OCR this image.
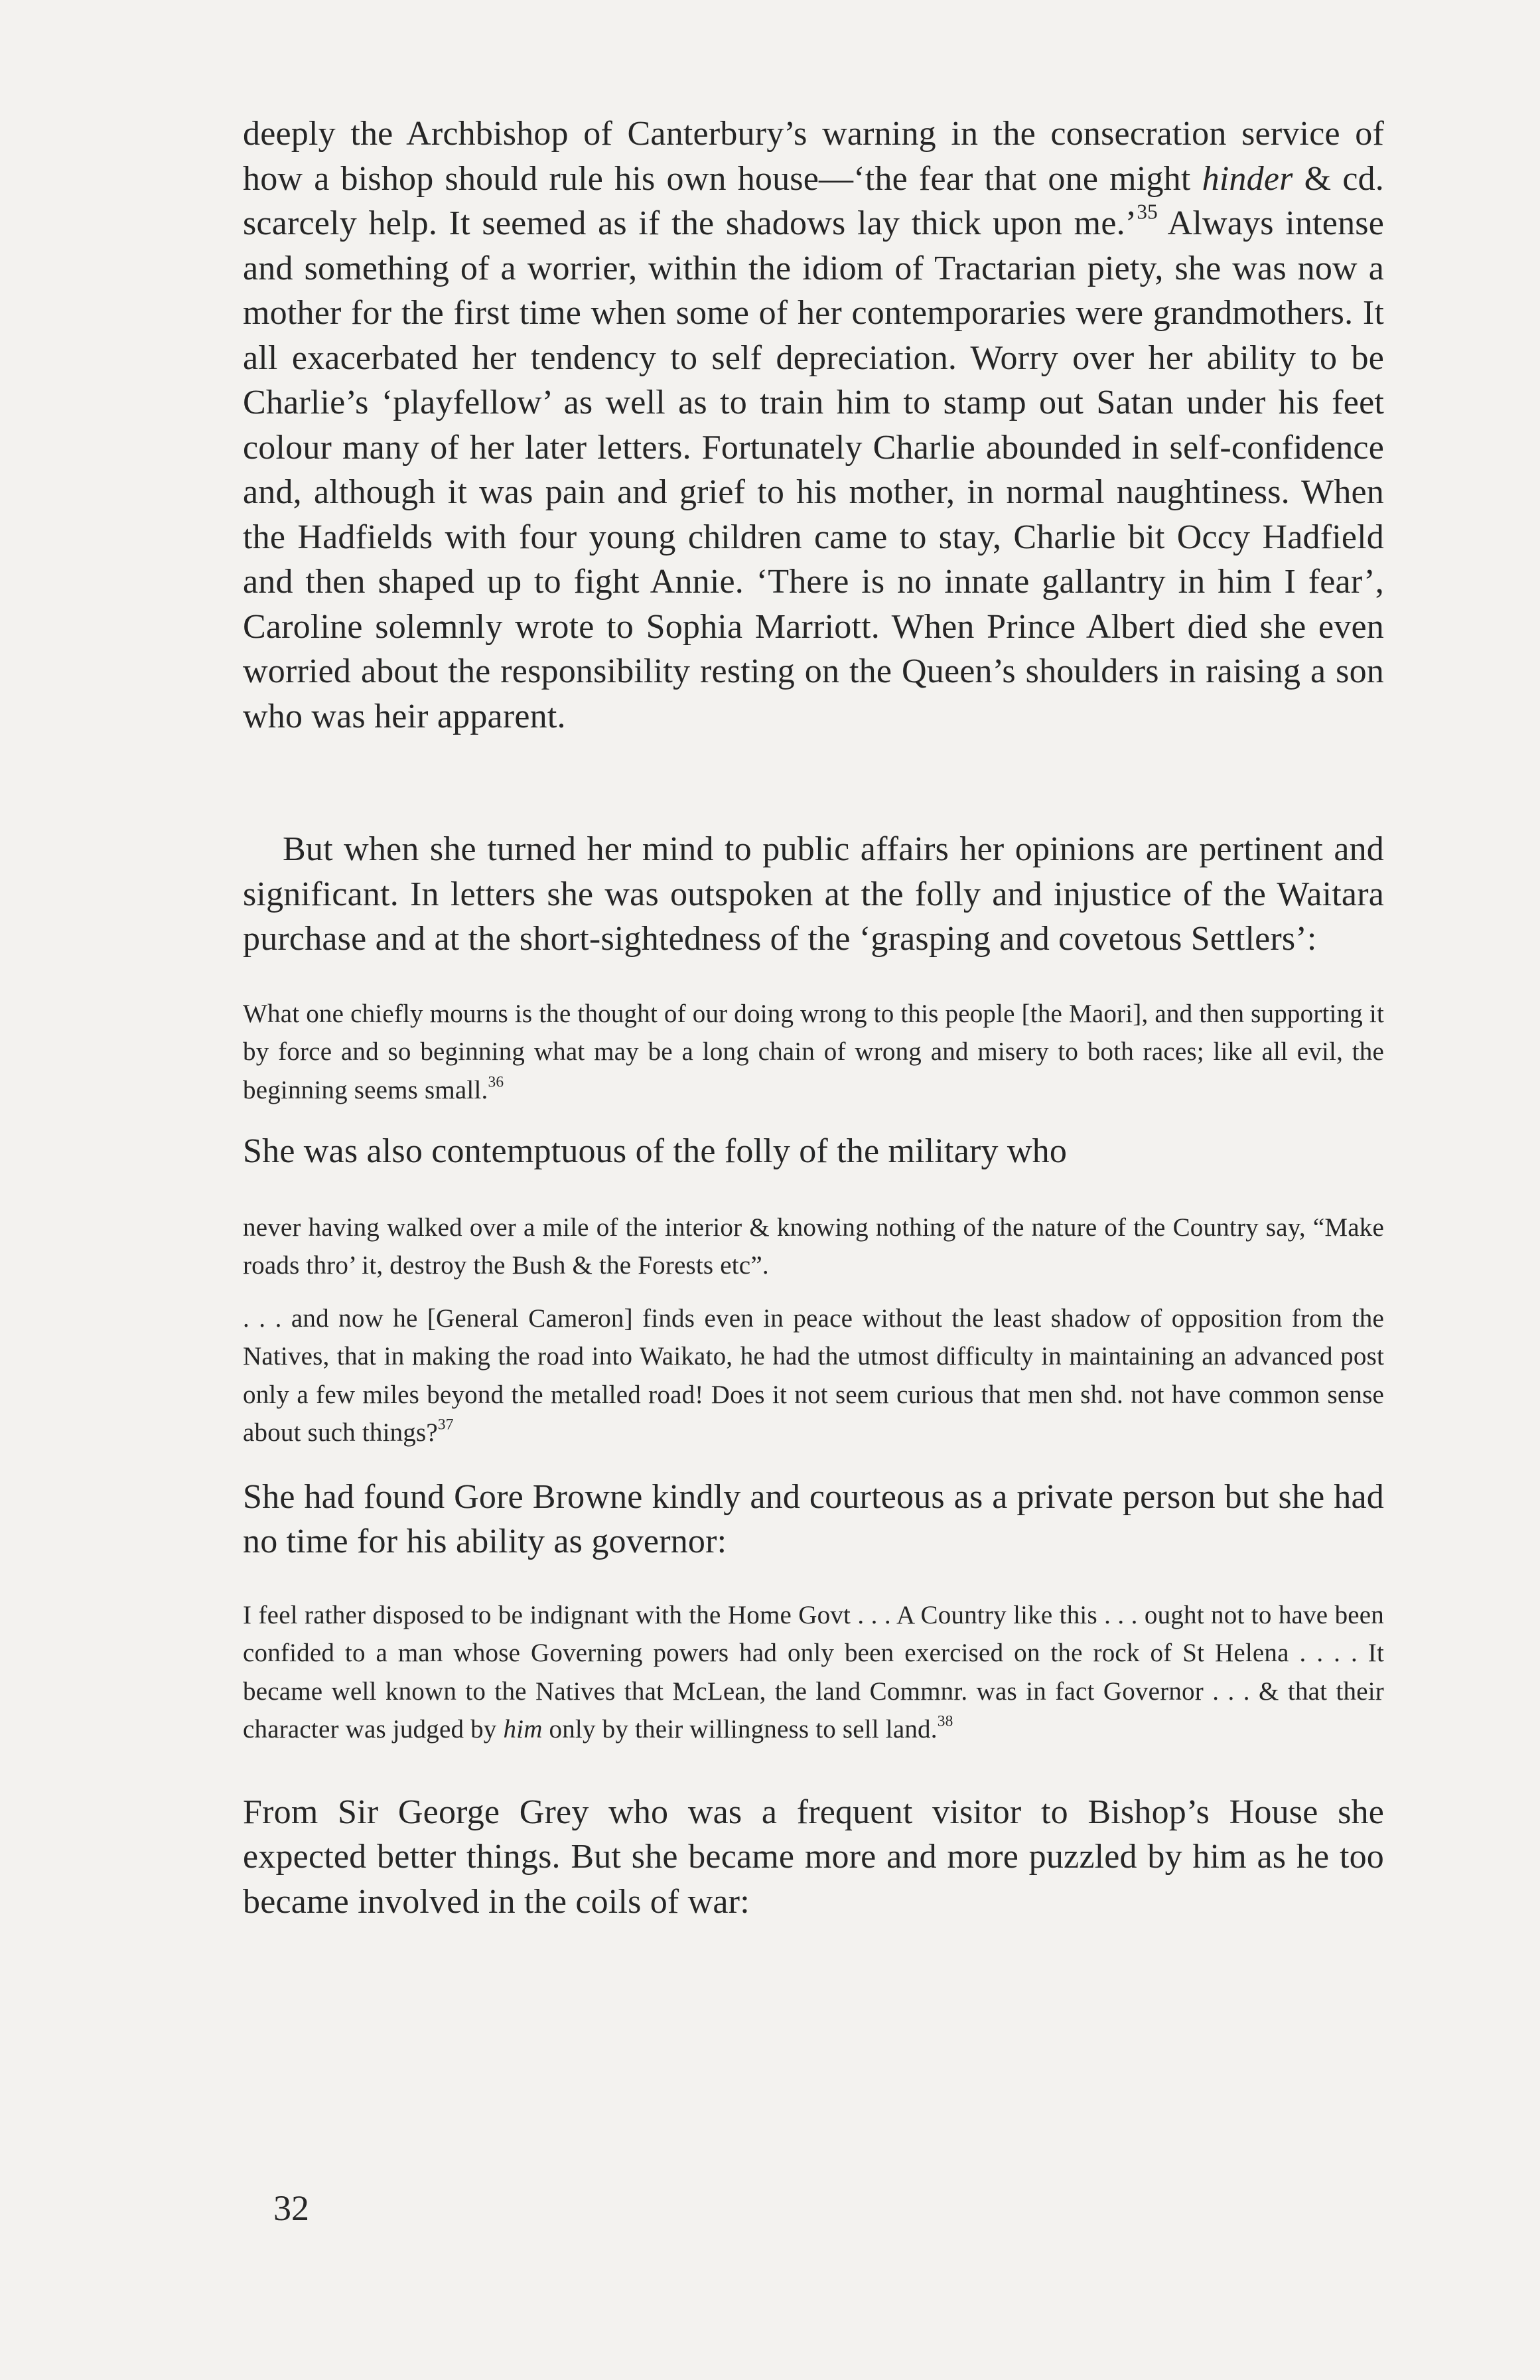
deeply the Archbishop of Canterbury’s warning in the consecration service of how a bishop should rule his own house—‘the fear that one might hinder & cd. scarcely help. It seemed as if the shadows lay thick upon me.’$^{35}$ Always intense and something of a worrier, within the idiom of Tractarian piety, she was now a mother for the first time when some of her contemporaries were grandmothers. It all exacerbated her tendency to self depreciation. Worry over her ability to be Charlie’s ‘playfellow’ as well as to train him to stamp out Satan under his feet colour many of her later letters. Fortunately Charlie abounded in self-confidence and, although it was pain and grief to his mother, in normal naughtiness. When the Hadfields with four young children came to stay, Charlie bit Occy Hadfield and then shaped up to fight Annie. ‘There is no innate gallantry in him I fear’, Caroline solemnly wrote to Sophia Marriott. When Prince Albert died she even worried about the responsibility resting on the Queen’s shoulders in raising a son who was heir apparent.

But when she turned her mind to public affairs her opinions are pertinent and significant. In letters she was outspoken at the folly and injustice of the Waitara purchase and at the short-sightedness of the ‘grasping and covetous Settlers’:

What one chiefly mourns is the thought of our doing wrong to this people [the Maori], and then supporting it by force and so beginning what may be a long chain of wrong and misery to both races; like all evil, the beginning seems small.$^{36}$

She was also contemptuous of the folly of the military who

never having walked over a mile of the interior & knowing nothing of the nature of the Country say, “Make roads thro’ it, destroy the Bush & the Forests etc”.

. . . and now he [General Cameron] finds even in peace without the least shadow of opposition from the Natives, that in making the road into Waikato, he had the utmost difficulty in maintaining an advanced post only a few miles beyond the metalled road! Does it not seem curious that men shd. not have common sense about such things?$^{37}$

She had found Gore Browne kindly and courteous as a private person but she had no time for his ability as governor:

I feel rather disposed to be indignant with the Home Govt . . . A Country like this . . . ought not to have been confided to a man whose Governing powers had only been exercised on the rock of St Helena . . . . It became well known to the Natives that McLean, the land Commnr. was in fact Governor . . . & that their character was judged by him only by their willingness to sell land.$^{38}$

From Sir George Grey who was a frequent visitor to Bishop’s House she expected better things. But she became more and more puzzled by him as he too became involved in the coils of war:

32
